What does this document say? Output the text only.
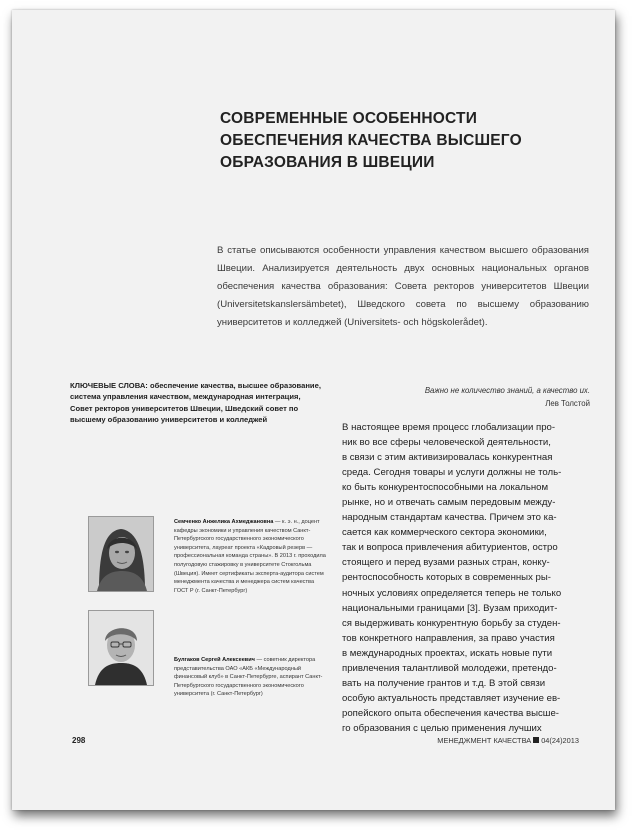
СОВРЕМЕННЫЕ ОСОБЕННОСТИ ОБЕСПЕЧЕНИЯ КАЧЕСТВА ВЫСШЕГО ОБРАЗОВАНИЯ В ШВЕЦИИ
В статье описываются особенности управления качеством высшего образования Швеции. Анализируется деятельность двух основных национальных органов обеспечения качества образования: Совета ректоров университетов Швеции (Universitetskanslersämbetet), Шведского совета по высшему образованию университетов и колледжей (Universitets- och högskolerådet).
КЛЮЧЕВЫЕ СЛОВА: обеспечение качества, высшее образование, система управления качеством, международная интеграция, Совет ректоров университетов Швеции, Шведский совет по высшему образованию университетов и колледжей
Важно не количество знаний, а качество их.
Лев Толстой
В настоящее время процесс глобализации про-
ник во все сферы человеческой деятельности,
в связи с этим активизировалась конкурентная
среда. Сегодня товары и услуги должны не толь-
ко быть конкурентоспособными на локальном
рынке, но и отвечать самым передовым между-
народным стандартам качества. Причем это ка-
сается как коммерческого сектора экономики,
так и вопроса привлечения абитуриентов, остро
стоящего и перед вузами разных стран, конку-
рентоспособность которых в современных ры-
ночных условиях определяется теперь не только
национальными границами [3]. Вузам приходит-
ся выдерживать конкурентную борьбу за студен-
тов конкретного направления, за право участия
в международных проектах, искать новые пути
привлечения талантливой молодежи, претендо-
вать на получение грантов и т.д. В этой связи
особую актуальность представляет изучение ев-
ропейского опыта обеспечения качества высше-
го образования с целью применения лучших
Семченко Анжелика Ахмеджановна — к. э. н., доцент кафедры экономики и управления качеством Санкт-Петербургского государственного экономического университета, лауреат проекта «Кадровый резерв — профессиональная команда страны». В 2013 г. проходила полугодовую стажировку в университете Стокгольма (Швеция). Имеет сертификаты эксперта-аудитора систем менеджмента качества и менеджера систем качества ГОСТ Р (г. Санкт-Петербург)
Булгаков Сергей Алексеевич — советник директора представительства ОАО «АКБ «Международный финансовый клуб» в Санкт-Петербурге, аспирант Санкт-Петербургского государственного экономического университета (г. Санкт-Петербург)
298	МЕНЕДЖМЕНТ КАЧЕСТВА 04(24)2013
